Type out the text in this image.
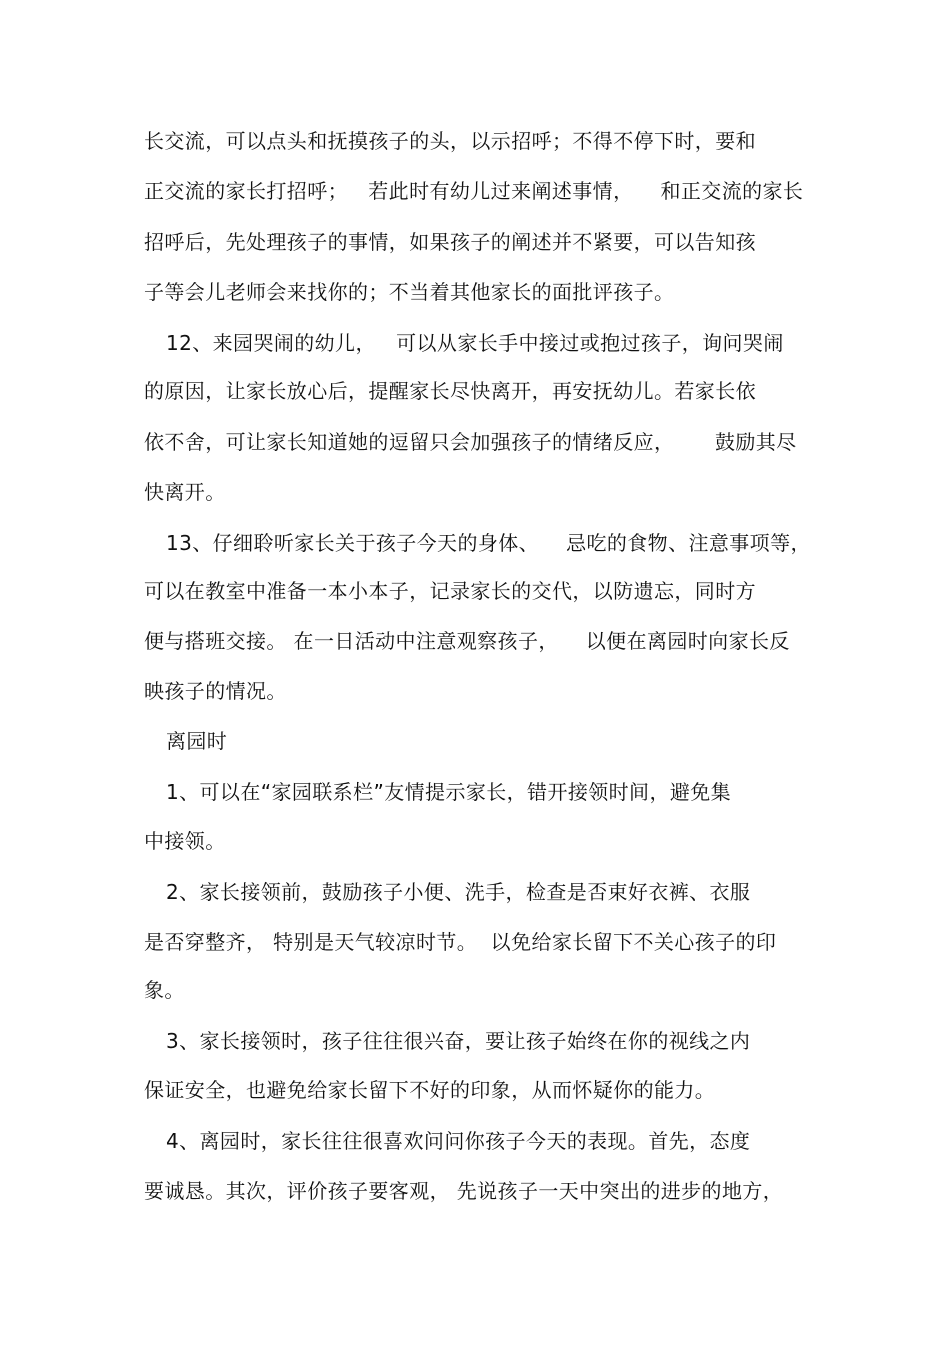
长交流，可以点头和抚摸孩子的头，以示招呼；不得不停下时，要和
正交流的家长打招呼；   若此时有幼儿过来阐述事情，    和正交流的家长
招呼后，先处理孩子的事情，如果孩子的阐述并不紧要，可以告知孩
子等会儿老师会来找你的；不当着其他家长的面批评孩子。
12、来园哭闹的幼儿，   可以从家长手中接过或抱过孩子，询问哭闹
的原因，让家长放心后，提醒家长尽快离开，再安抚幼儿。若家长依
依不舍，可让家长知道她的逗留只会加强孩子的情绪反应，      鼓励其尽
快离开。
13、仔细聆听家长关于孩子今天的身体、    忌吃的食物、注意事项等，
可以在教室中准备一本小本子，记录家长的交代，以防遗忘，同时方
便与搭班交接。 在一日活动中注意观察孩子，    以便在离园时向家长反
映孩子的情况。
离园时
1、可以在“家园联系栏”友情提示家长，错开接领时间，避免集
中接领。
2、家长接领前，鼓励孩子小便、洗手，检查是否束好衣裤、衣服
是否穿整齐， 特别是天气较凉时节。  以免给家长留下不关心孩子的印
象。
3、家长接领时，孩子往往很兴奋，要让孩子始终在你的视线之内
保证安全，也避免给家长留下不好的印象，从而怀疑你的能力。
4、离园时，家长往往很喜欢问问你孩子今天的表现。首先，态度
要诚恳。其次，评价孩子要客观， 先说孩子一天中突出的进步的地方，
